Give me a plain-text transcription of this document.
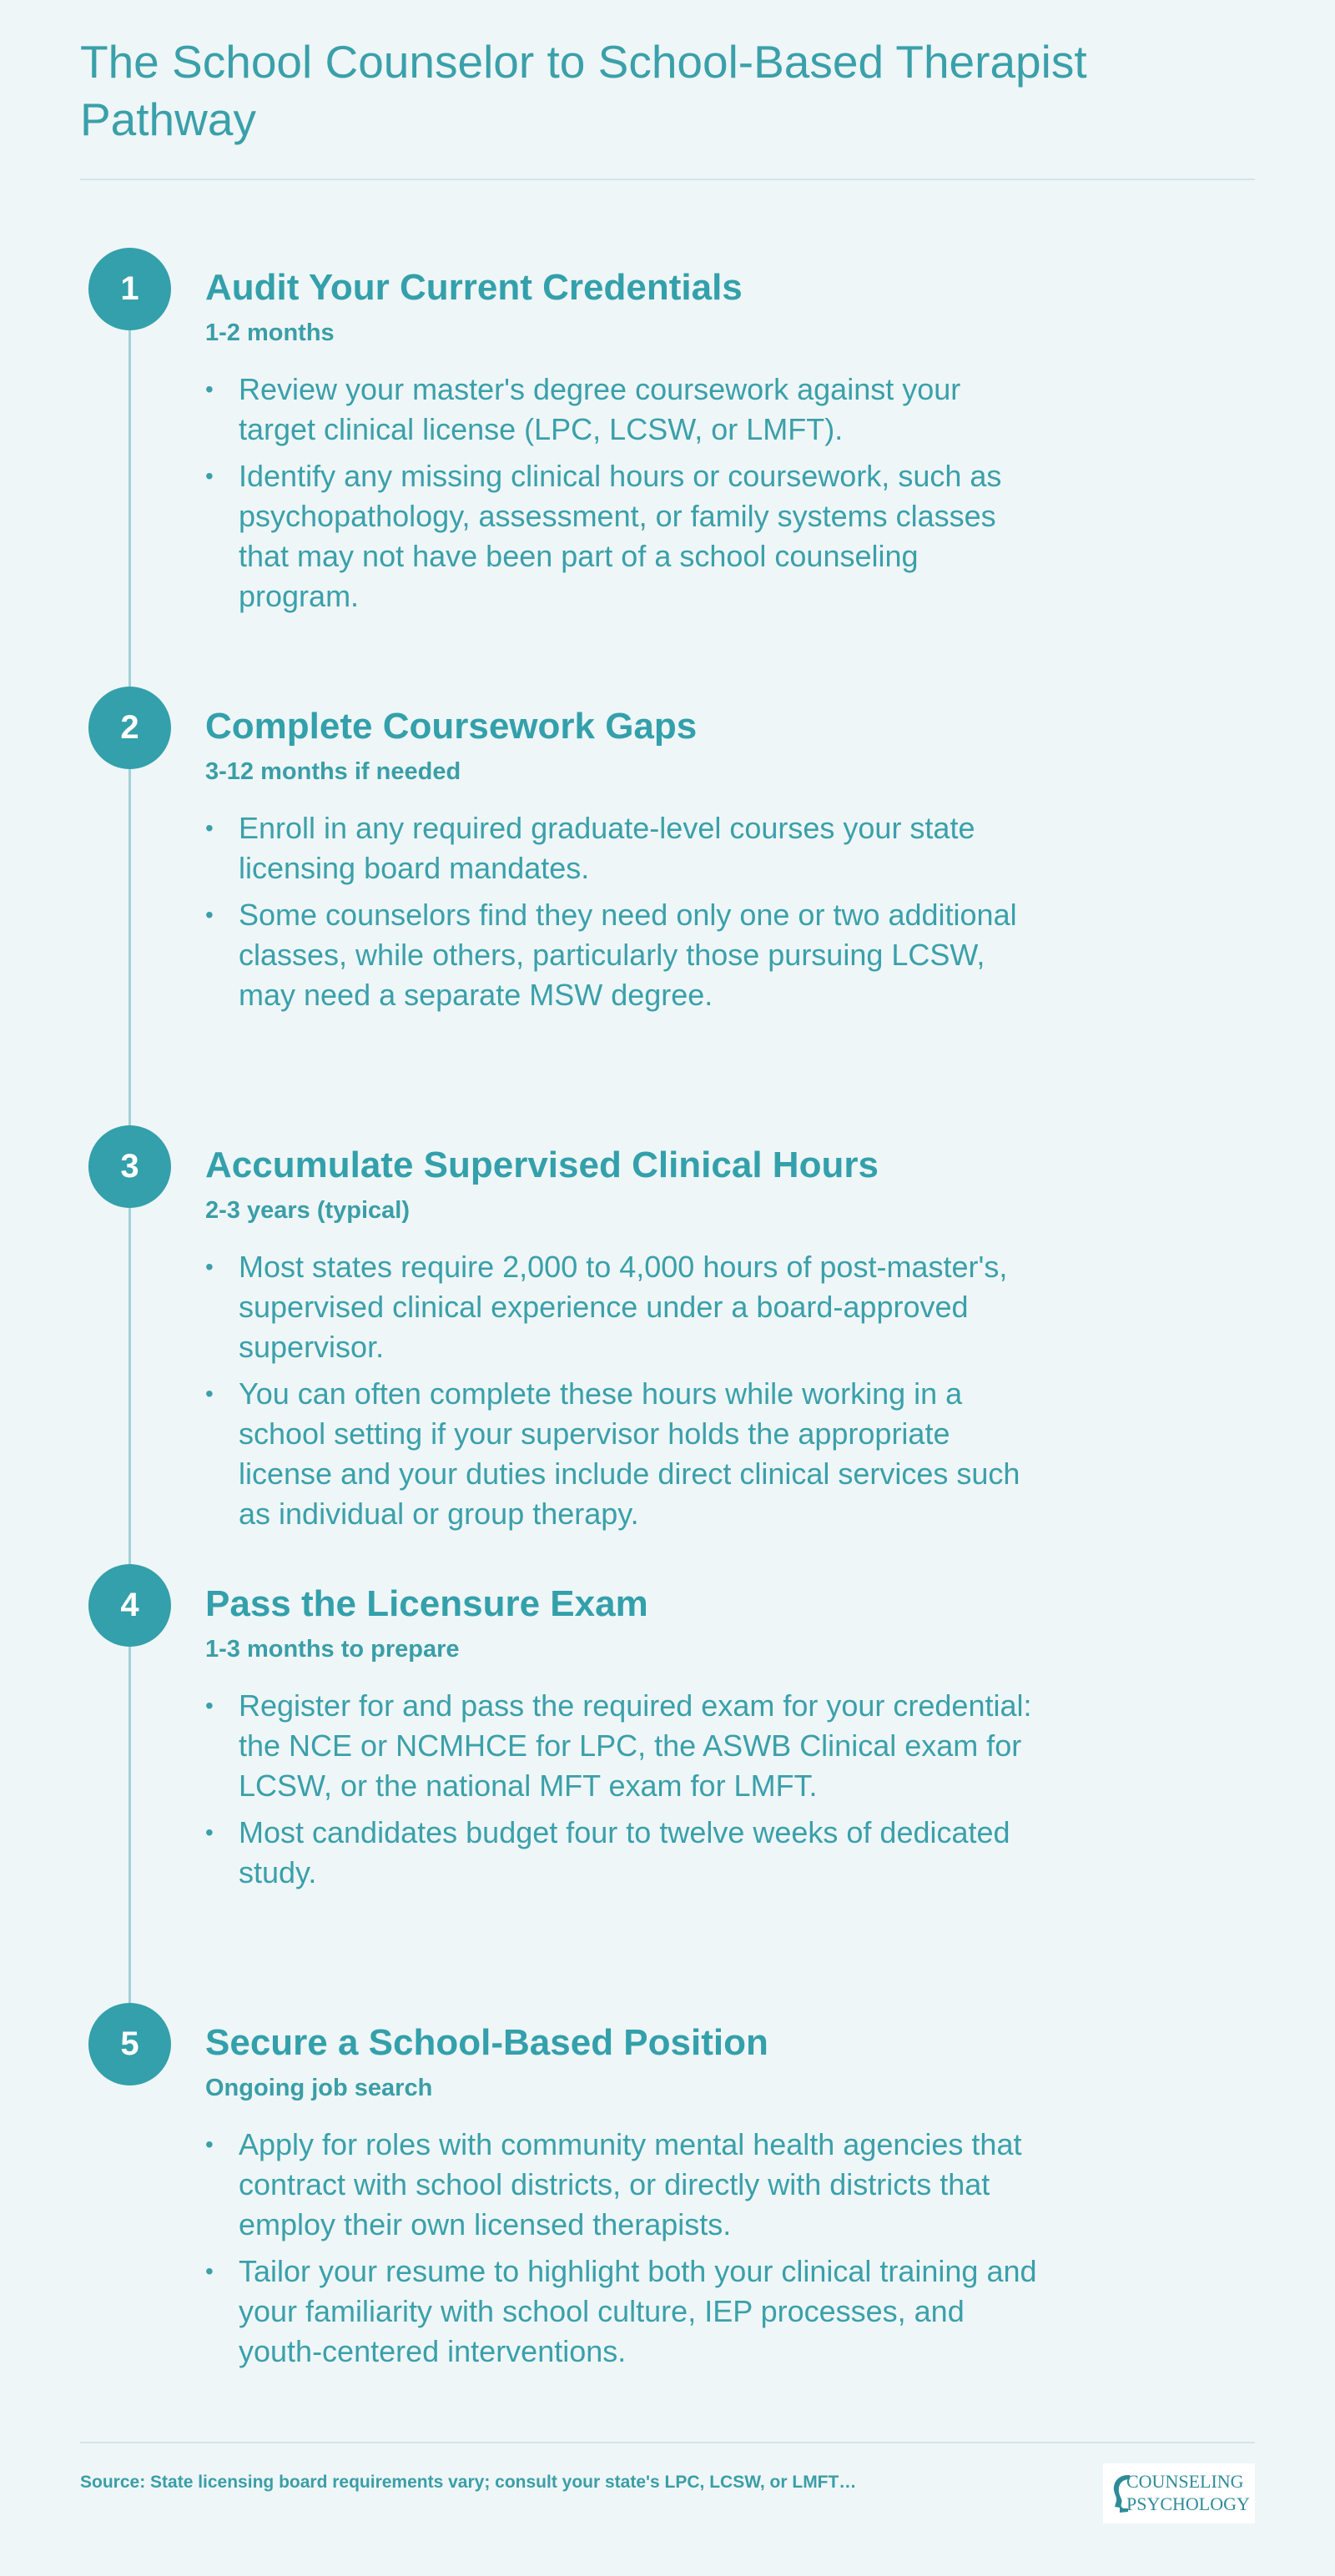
The School Counselor to School-Based Therapist Pathway
1	Audit Your Current Credentials
1-2 months
• Review your master's degree coursework against your target clinical license (LPC, LCSW, or LMFT).
• Identify any missing clinical hours or coursework, such as psychopathology, assessment, or family systems classes that may not have been part of a school counseling program.
2	Complete Coursework Gaps
3-12 months if needed
• Enroll in any required graduate-level courses your state licensing board mandates.
• Some counselors find they need only one or two additional classes, while others, particularly those pursuing LCSW, may need a separate MSW degree.
3	Accumulate Supervised Clinical Hours
2-3 years (typical)
• Most states require 2,000 to 4,000 hours of post-master's, supervised clinical experience under a board-approved supervisor.
• You can often complete these hours while working in a school setting if your supervisor holds the appropriate license and your duties include direct clinical services such as individual or group therapy.
4	Pass the Licensure Exam
1-3 months to prepare
• Register for and pass the required exam for your credential: the NCE or NCMHCE for LPC, the ASWB Clinical exam for LCSW, or the national MFT exam for LMFT.
• Most candidates budget four to twelve weeks of dedicated study.
5	Secure a School-Based Position
Ongoing job search
• Apply for roles with community mental health agencies that contract with school districts, or directly with districts that employ their own licensed therapists.
• Tailor your resume to highlight both your clinical training and your familiarity with school culture, IEP processes, and youth-centered interventions.
Source: State licensing board requirements vary; consult your state's LPC, LCSW, or LMFT…	COUNSELING
PSYCHOLOGY
